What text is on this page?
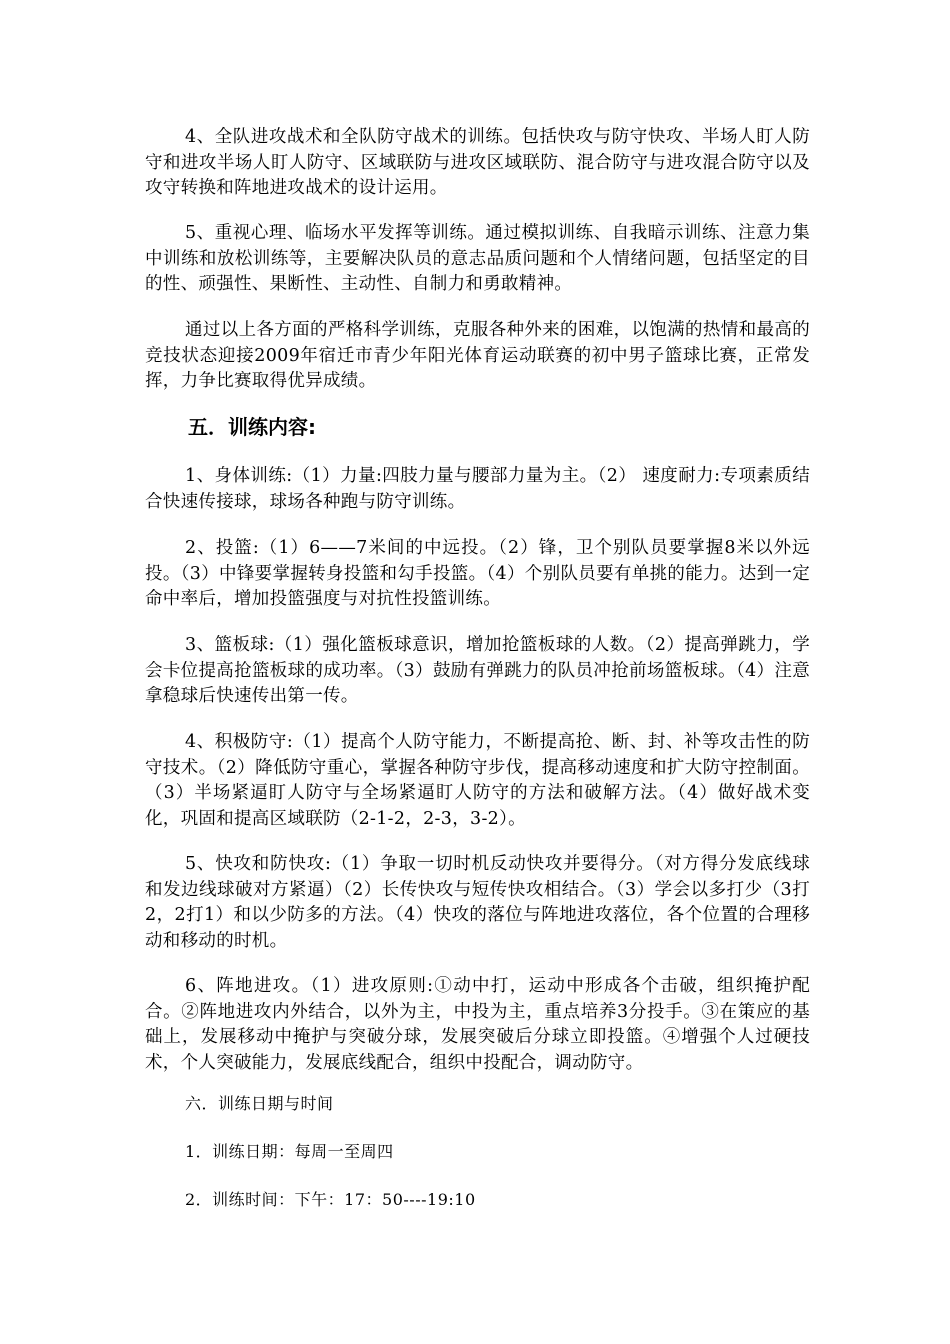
4、全队进攻战术和全队防守战术的训练。包括快攻与防守快攻、半场人盯人防守和进攻半场人盯人防守、区域联防与进攻区域联防、混合防守与进攻混合防守以及攻守转换和阵地进攻战术的设计运用。

5、重视心理、临场水平发挥等训练。通过模拟训练、自我暗示训练、注意力集中训练和放松训练等，主要解决队员的意志品质问题和个人情绪问题，包括坚定的目的性、顽强性、果断性、主动性、自制力和勇敢精神。

通过以上各方面的严格科学训练，克服各种外来的困难，以饱满的热情和最高的竞技状态迎接2009年宿迁市青少年阳光体育运动联赛的初中男子篮球比赛，正常发挥，力争比赛取得优异成绩。

五．训练内容:

1、身体训练:（1）力量:四肢力量与腰部力量为主。（2） 速度耐力:专项素质结合快速传接球，球场各种跑与防守训练。

2、投篮:（1）6——7米间的中远投。（2）锋，卫个别队员要掌握8米以外远投。（3）中锋要掌握转身投篮和勾手投篮。（4）个别队员要有单挑的能力。达到一定命中率后，增加投篮强度与对抗性投篮训练。

3、篮板球:（1）强化篮板球意识，增加抢篮板球的人数。（2）提高弹跳力，学会卡位提高抢篮板球的成功率。（3）鼓励有弹跳力的队员冲抢前场篮板球。（4）注意拿稳球后快速传出第一传。

4、积极防守:（1）提高个人防守能力，不断提高抢、断、封、补等攻击性的防守技术。（2）降低防守重心，掌握各种防守步伐，提高移动速度和扩大防守控制面。（3）半场紧逼盯人防守与全场紧逼盯人防守的方法和破解方法。（4）做好战术变化，巩固和提高区域联防（2-1-2，2-3，3-2）。

5、快攻和防快攻:（1）争取一切时机反动快攻并要得分。（对方得分发底线球和发边线球破对方紧逼）（2）长传快攻与短传快攻相结合。（3）学会以多打少（3打2，2打1）和以少防多的方法。（4）快攻的落位与阵地进攻落位，各个位置的合理移动和移动的时机。

6、阵地进攻。（1）进攻原则:①动中打，运动中形成各个击破，组织掩护配合。②阵地进攻内外结合，以外为主，中投为主，重点培养3分投手。③在策应的基础上，发展移动中掩护与突破分球，发展突破后分球立即投篮。④增强个人过硬技术，个人突破能力，发展底线配合，组织中投配合，调动防守。

六．训练日期与时间
1．训练日期：每周一至周四
2．训练时间：下午：17：50----19:10
